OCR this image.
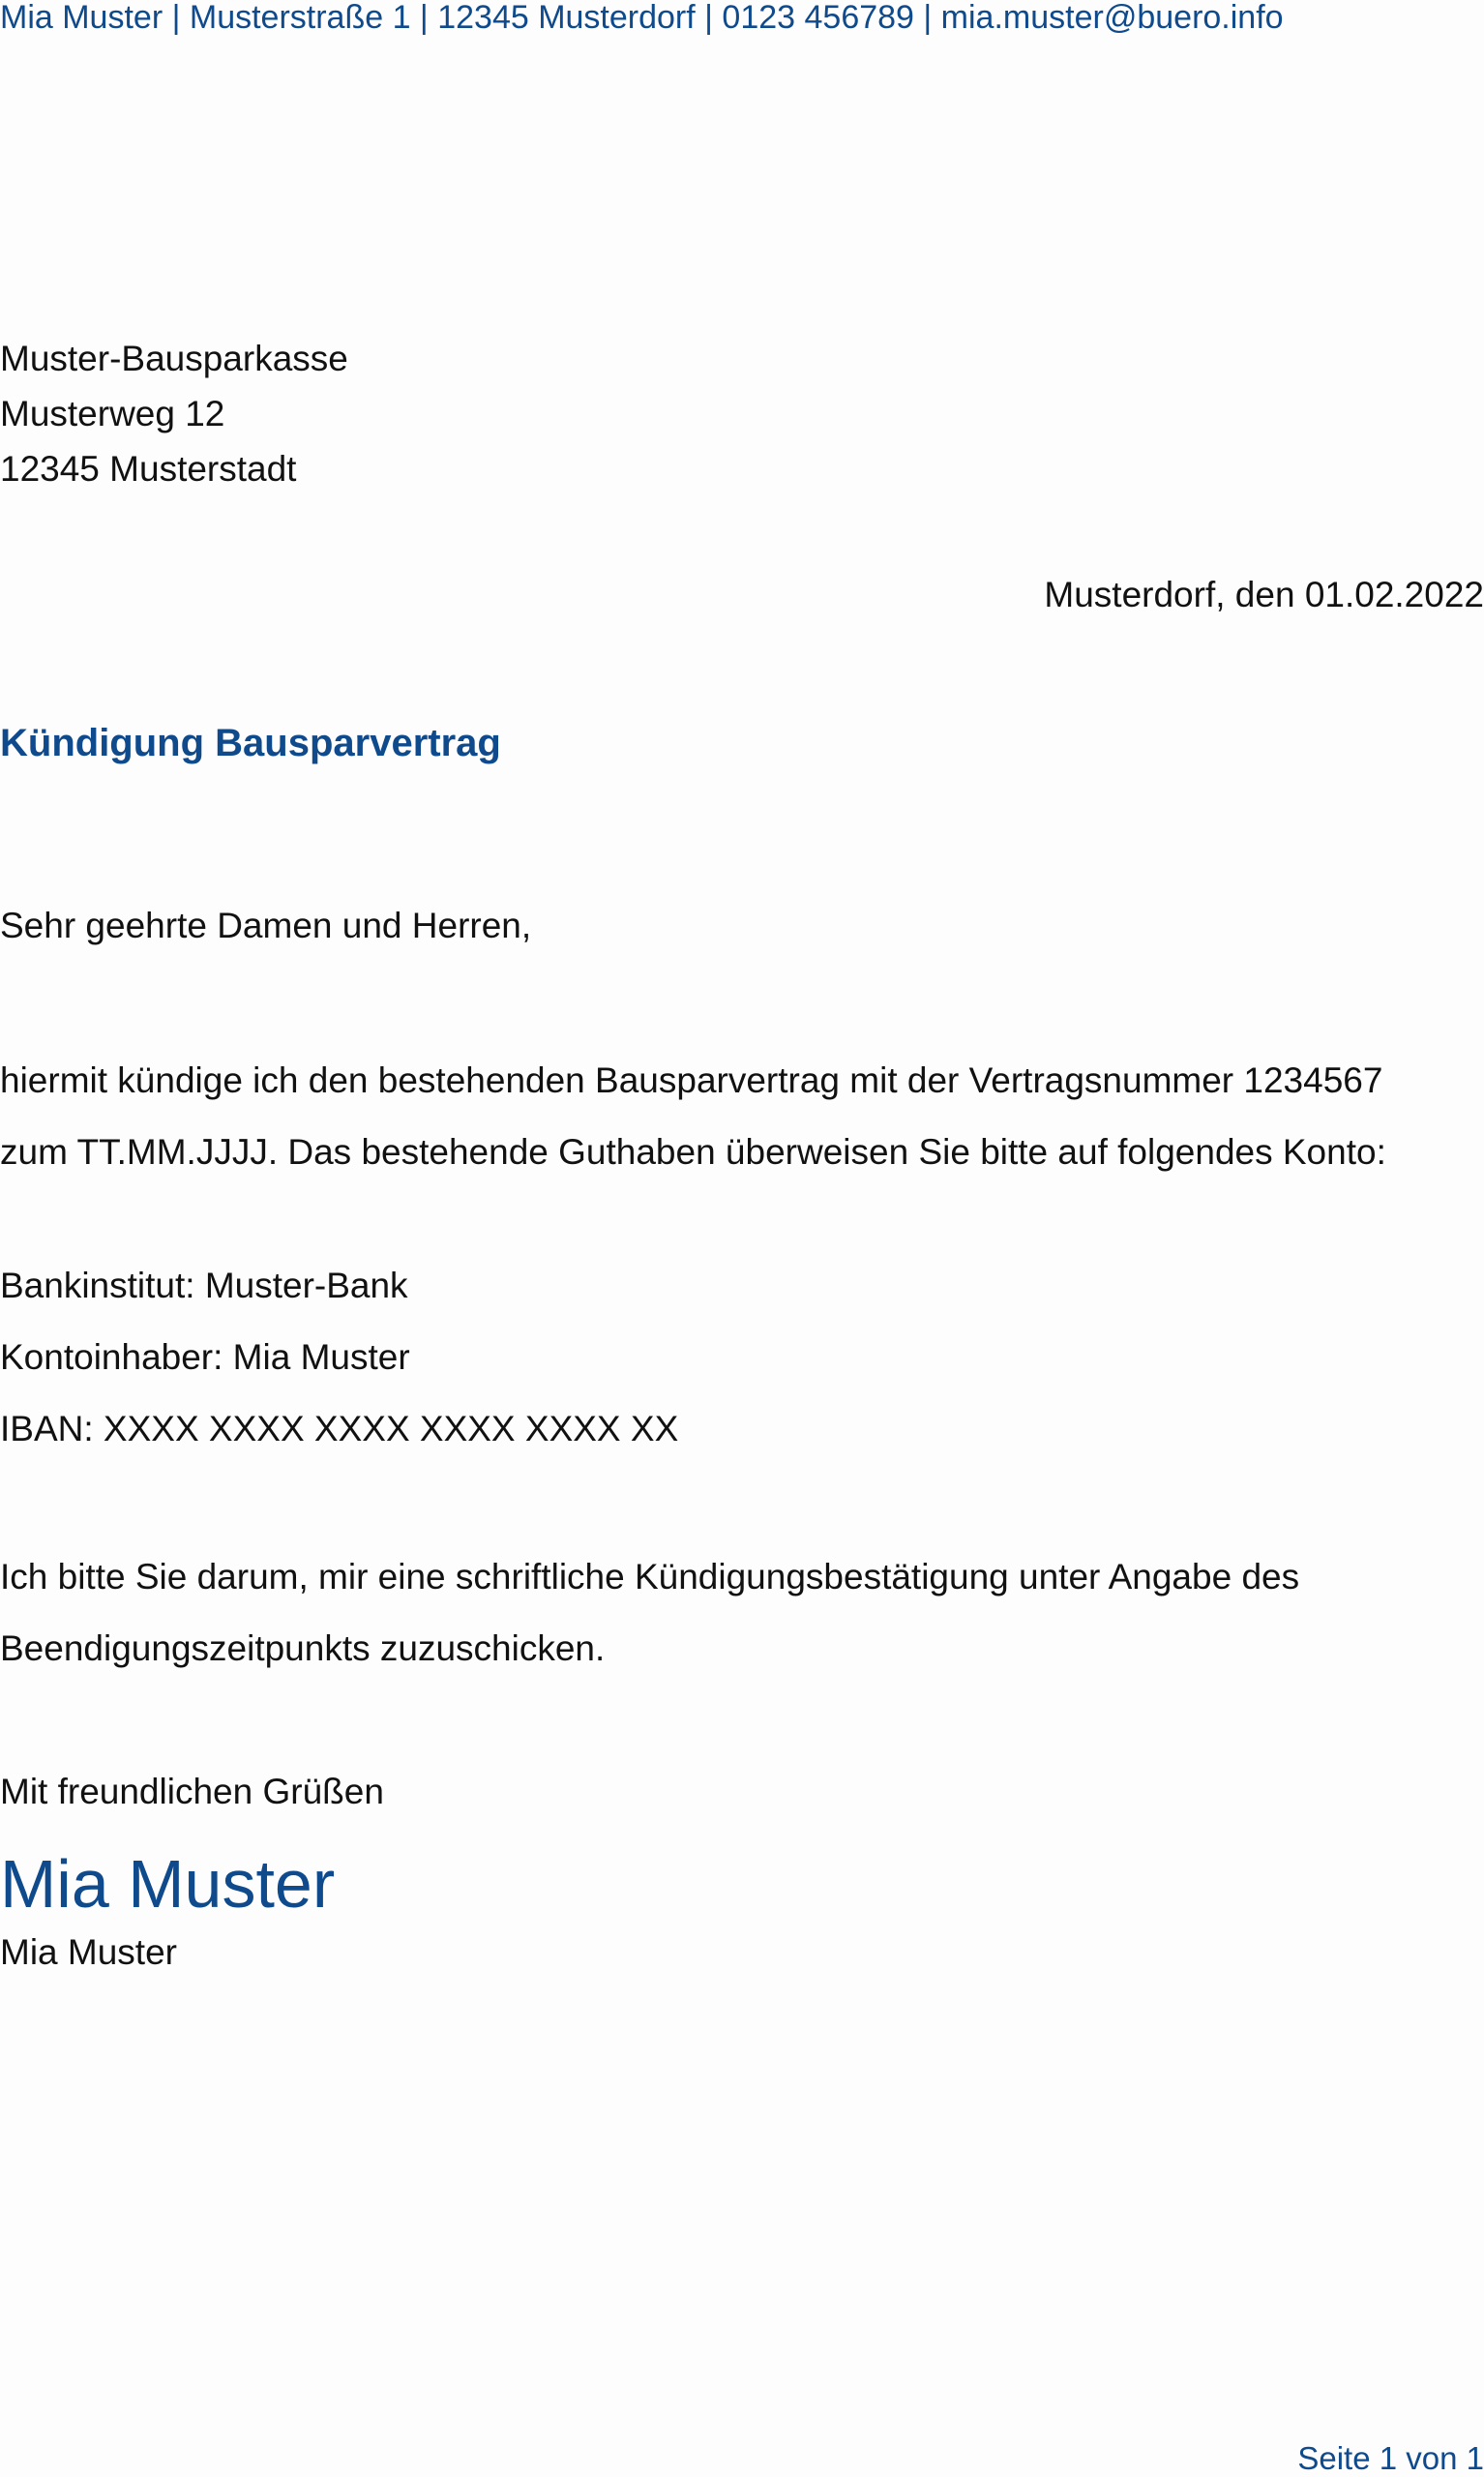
Mia Muster | Musterstraße 1 | 12345 Musterdorf | 0123 456789 | mia.muster@buero.info
Muster-Bausparkasse
Musterweg 12
12345 Musterstadt
Musterdorf, den 01.02.2022
Kündigung Bausparvertrag
Sehr geehrte Damen und Herren,
hiermit kündige ich den bestehenden Bausparvertrag mit der Vertragsnummer 1234567
zum TT.MM.JJJJ. Das bestehende Guthaben überweisen Sie bitte auf folgendes Konto:
Bankinstitut: Muster-Bank
Kontoinhaber: Mia Muster
IBAN: XXXX XXXX XXXX XXXX XXXX XX
Ich bitte Sie darum, mir eine schriftliche Kündigungsbestätigung unter Angabe des
Beendigungszeitpunkts zuzuschicken.
Mit freundlichen Grüßen
Mia Muster
Mia Muster
Seite 1 von 1
